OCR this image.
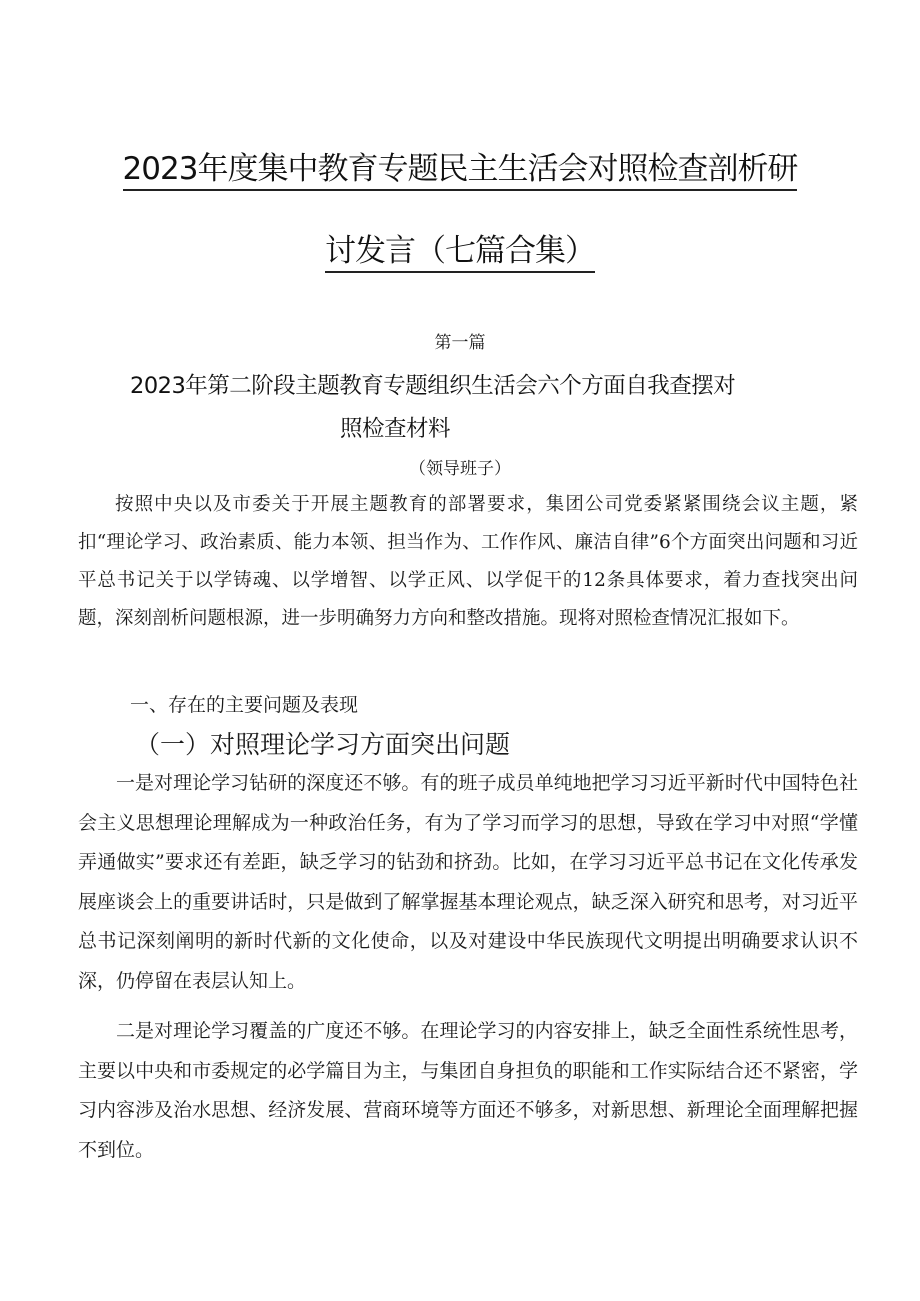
2023年度集中教育专题民主生活会对照检查剖析研
讨发言（七篇合集）
第一篇
2023年第二阶段主题教育专题组织生活会六个方面自我查摆对
照检查材料
（领导班子）

按照中央以及市委关于开展主题教育的部署要求，集团公司党委紧紧围绕会议主题，紧扣“理论学习、政治素质、能力本领、担当作为、工作作风、廉洁自律”6个方面突出问题和习近平总书记关于以学铸魂、以学增智、以学正风、以学促干的12条具体要求，着力查找突出问题，深刻剖析问题根源，进一步明确努力方向和整改措施。现将对照检查情况汇报如下。

一、存在的主要问题及表现
（一）对照理论学习方面突出问题

一是对理论学习钻研的深度还不够。有的班子成员单纯地把学习习近平新时代中国特色社会主义思想理论理解成为一种政治任务，有为了学习而学习的思想，导致在学习中对照“学懂弄通做实”要求还有差距，缺乏学习的钻劲和挤劲。比如，在学习习近平总书记在文化传承发展座谈会上的重要讲话时，只是做到了解掌握基本理论观点，缺乏深入研究和思考，对习近平总书记深刻阐明的新时代新的文化使命，以及对建设中华民族现代文明提出明确要求认识不深，仍停留在表层认知上。

二是对理论学习覆盖的广度还不够。在理论学习的内容安排上，缺乏全面性系统性思考，主要以中央和市委规定的必学篇目为主，与集团自身担负的职能和工作实际结合还不紧密，学习内容涉及治水思想、经济发展、营商环境等方面还不够多，对新思想、新理论全面理解把握不到位。
